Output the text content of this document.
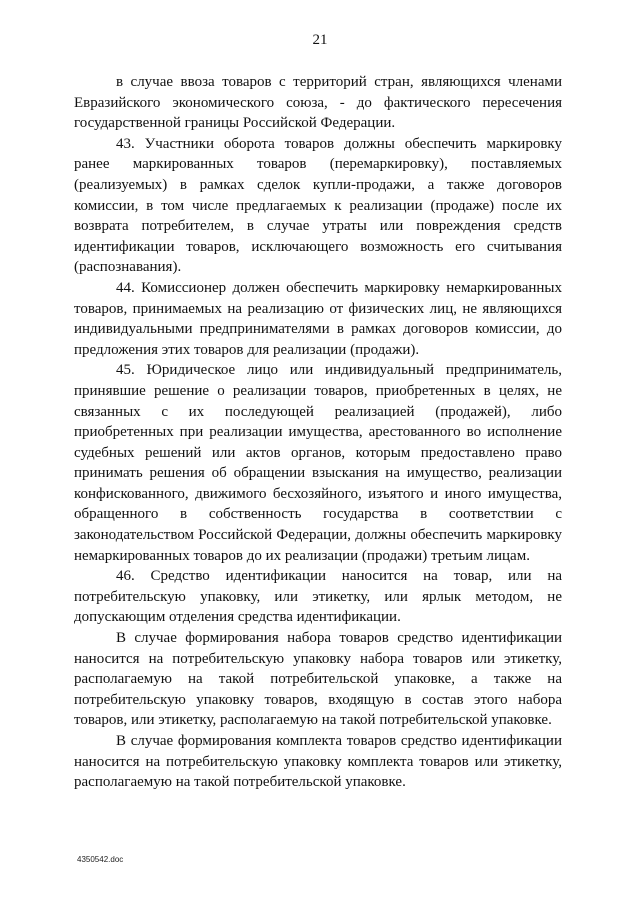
21

в случае ввоза товаров с территорий стран, являющихся членами Евразийского экономического союза, - до фактического пересечения государственной границы Российской Федерации.

43. Участники оборота товаров должны обеспечить маркировку ранее маркированных товаров (перемаркировку), поставляемых (реализуемых) в рамках сделок купли-продажи, а также договоров комиссии, в том числе предлагаемых к реализации (продаже) после их возврата потребителем, в случае утраты или повреждения средств идентификации товаров, исключающего возможность его считывания (распознавания).

44. Комиссионер должен обеспечить маркировку немаркированных товаров, принимаемых на реализацию от физических лиц, не являющихся индивидуальными предпринимателями в рамках договоров комиссии, до предложения этих товаров для реализации (продажи).

45. Юридическое лицо или индивидуальный предприниматель, принявшие решение о реализации товаров, приобретенных в целях, не связанных с их последующей реализацией (продажей), либо приобретенных при реализации имущества, арестованного во исполнение судебных решений или актов органов, которым предоставлено право принимать решения об обращении взыскания на имущество, реализации конфискованного, движимого бесхозяйного, изъятого и иного имущества, обращенного в собственность государства в соответствии с законодательством Российской Федерации, должны обеспечить маркировку немаркированных товаров до их реализации (продажи) третьим лицам.

46. Средство идентификации наносится на товар, или на потребительскую упаковку, или этикетку, или ярлык методом, не допускающим отделения средства идентификации.

В случае формирования набора товаров средство идентификации наносится на потребительскую упаковку набора товаров или этикетку, располагаемую на такой потребительской упаковке, а также на потребительскую упаковку товаров, входящую в состав этого набора товаров, или этикетку, располагаемую на такой потребительской упаковке.

В случае формирования комплекта товаров средство идентификации наносится на потребительскую упаковку комплекта товаров или этикетку, располагаемую на такой потребительской упаковке.

4350542.doc
